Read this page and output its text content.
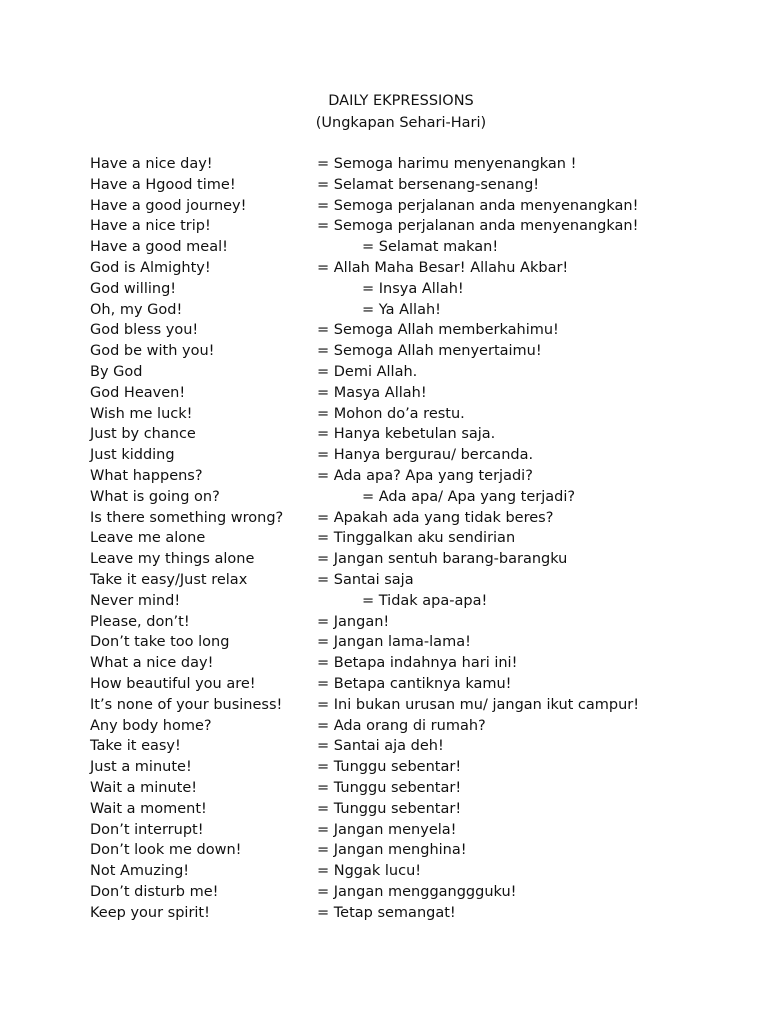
DAILY EKPRESSIONS
(Ungkapan Sehari-Hari)
Have a nice day!	= Semoga harimu menyenangkan !
Have a Hgood time!	= Selamat bersenang-senang!
Have a good journey!	= Semoga perjalanan anda menyenangkan!
Have a nice trip!	= Semoga perjalanan anda menyenangkan!
Have a good meal!	= Selamat makan!
God is Almighty!	= Allah Maha Besar! Allahu Akbar!
God willing!	= Insya Allah!
Oh, my God!	= Ya Allah!
God bless you!	= Semoga Allah memberkahimu!
God be with you!	= Semoga Allah menyertaimu!
By God	= Demi Allah.
God Heaven!	= Masya Allah!
Wish me luck!	= Mohon do’a restu.
Just by chance	= Hanya kebetulan saja.
Just kidding	= Hanya bergurau/ bercanda.
What happens?	= Ada apa? Apa yang terjadi?
What is going on?	= Ada apa/ Apa yang terjadi?
Is there something wrong? = Apakah ada yang tidak beres?
Leave me alone	= Tinggalkan aku sendirian
Leave my things alone	= Jangan sentuh barang-barangku
Take it easy/Just relax	= Santai saja
Never mind!	= Tidak apa-apa!
Please, don’t!	= Jangan!
Don’t take too long	= Jangan lama-lama!
What a nice day!	= Betapa indahnya hari ini!
How beautiful you are!	= Betapa cantiknya kamu!
It’s none of your business! = Ini bukan urusan mu/ jangan ikut campur!
Any body home?	= Ada orang di rumah?
Take it easy!	= Santai aja deh!
Just a minute!	= Tunggu sebentar!
Wait a minute!	= Tunggu sebentar!
Wait a moment!	= Tunggu sebentar!
Don’t interrupt!	= Jangan menyela!
Don’t look me down!	= Jangan menghina!
Not Amuzing!	= Nggak lucu!
Don’t disturb me!	= Jangan mengganggguku!
Keep your spirit!	= Tetap semangat!
